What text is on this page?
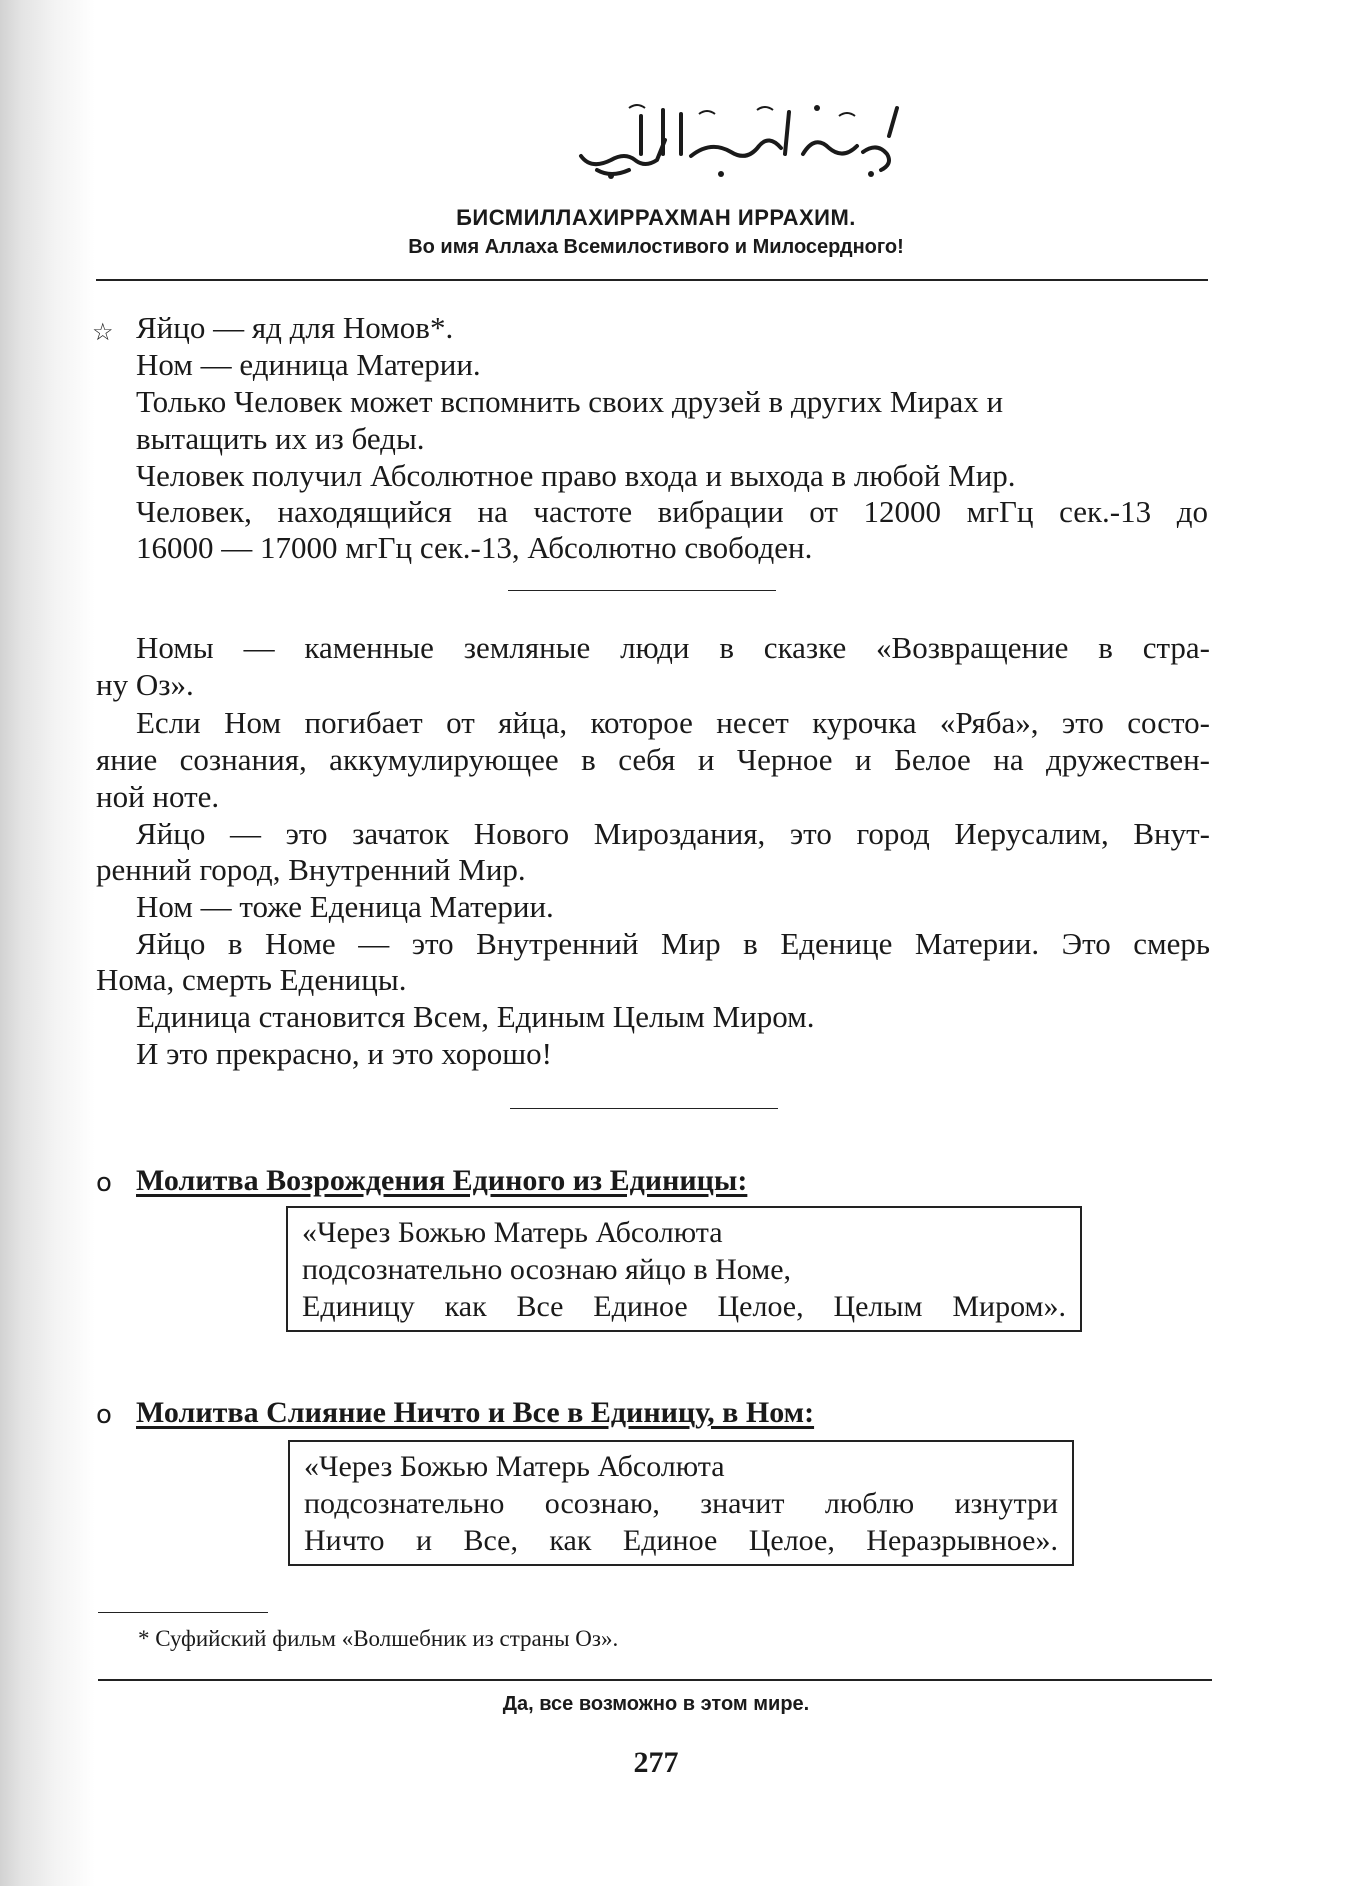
БИСМИЛЛАХИРРАХМАН ИРРАХИМ.
Во имя Аллаха Всемилостивого и Милосердного!
☆ Яйцо — яд для Номов*.
Ном — единица Материи.
Только Человек может вспомнить своих друзей в других Мирах и
вытащить их из беды.
Человек получил Абсолютное право входа и выхода в любой Мир.
Человек, находящийся на частоте вибрации от 12000 мгГц сек.-13 до
16000 — 17000 мгГц сек.-13, Абсолютно свободен.
Номы — каменные земляные люди в сказке «Возвращение в стра-
ну Оз».
Если Ном погибает от яйца, которое несет курочка «Ряба», это состо-
яние сознания, аккумулирующее в себя и Черное и Белое на дружествен-
ной ноте.
Яйцо — это зачаток Нового Мироздания, это город Иерусалим, Внут-
ренний город, Внутренний Мир.
Ном — тоже Еденица Материи.
Яйцо в Номе — это Внутренний Мир в Еденице Материи. Это смерь
Нома, смерть Еденицы.
Единица становится Всем, Единым Целым Миром.
И это прекрасно, и это хорошо!
o Молитва Возрождения Единого из Единицы:
«Через Божью Матерь Абсолюта
подсознательно осознаю яйцо в Номе,
Единицу как Все Единое Целое, Целым Миром».
o Молитва Слияние Ничто и Все в Единицу, в Ном:
«Через Божью Матерь Абсолюта
подсознательно осознаю, значит люблю изнутри
Ничто и Все, как Единое Целое, Неразрывное».
* Суфийский фильм «Волшебник из страны Оз».
Да, все возможно в этом мире.
277
